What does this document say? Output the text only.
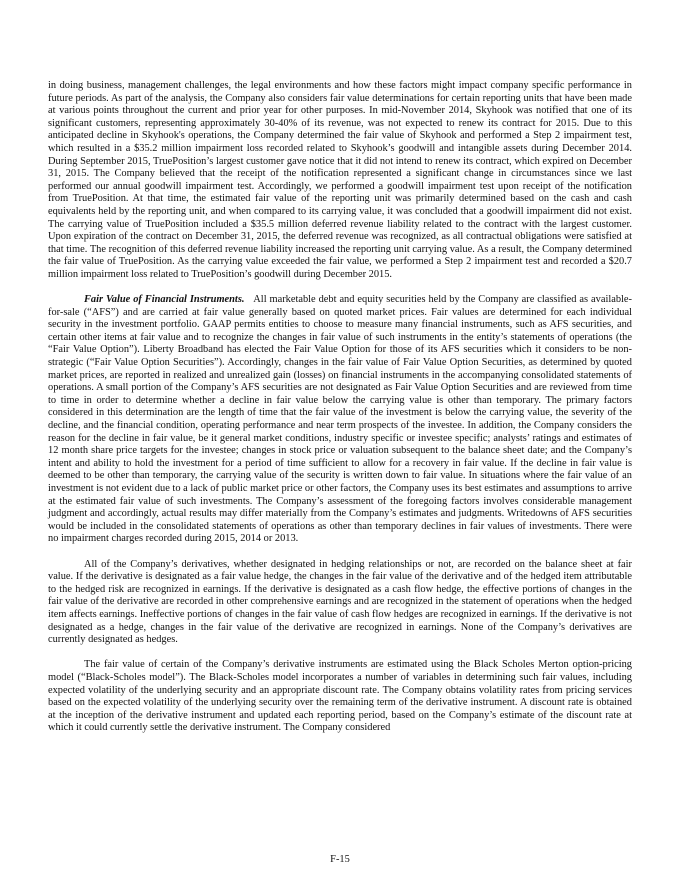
in doing business, management challenges, the legal environments and how these factors might impact company specific performance in future periods. As part of the analysis, the Company also considers fair value determinations for certain reporting units that have been made at various points throughout the current and prior year for other purposes. In mid-November 2014, Skyhook was notified that one of its significant customers, representing approximately 30-40% of its revenue, was not expected to renew its contract for 2015. Due to this anticipated decline in Skyhook's operations, the Company determined the fair value of Skyhook and performed a Step 2 impairment test, which resulted in a $35.2 million impairment loss recorded related to Skyhook’s goodwill and intangible assets during December 2014. During September 2015, TruePosition’s largest customer gave notice that it did not intend to renew its contract, which expired on December 31, 2015. The Company believed that the receipt of the notification represented a significant change in circumstances since we last performed our annual goodwill impairment test. Accordingly, we performed a goodwill impairment test upon receipt of the notification from TruePosition. At that time, the estimated fair value of the reporting unit was primarily determined based on the cash and cash equivalents held by the reporting unit, and when compared to its carrying value, it was concluded that a goodwill impairment did not exist. The carrying value of TruePosition included a $35.5 million deferred revenue liability related to the contract with the largest customer. Upon expiration of the contract on December 31, 2015, the deferred revenue was recognized, as all contractual obligations were satisfied at that time. The recognition of this deferred revenue liability increased the reporting unit carrying value. As a result, the Company determined the fair value of TruePosition. As the carrying value exceeded the fair value, we performed a Step 2 impairment test and recorded a $20.7 million impairment loss related to TruePosition’s goodwill during December 2015.

Fair Value of Financial Instruments. All marketable debt and equity securities held by the Company are classified as available-for-sale (“AFS”) and are carried at fair value generally based on quoted market prices. Fair values are determined for each individual security in the investment portfolio. GAAP permits entities to choose to measure many financial instruments, such as AFS securities, and certain other items at fair value and to recognize the changes in fair value of such instruments in the entity’s statements of operations (the “Fair Value Option”). Liberty Broadband has elected the Fair Value Option for those of its AFS securities which it considers to be non-strategic (“Fair Value Option Securities”). Accordingly, changes in the fair value of Fair Value Option Securities, as determined by quoted market prices, are reported in realized and unrealized gain (losses) on financial instruments in the accompanying consolidated statements of operations. A small portion of the Company’s AFS securities are not designated as Fair Value Option Securities and are reviewed from time to time in order to determine whether a decline in fair value below the carrying value is other than temporary. The primary factors considered in this determination are the length of time that the fair value of the investment is below the carrying value, the severity of the decline, and the financial condition, operating performance and near term prospects of the investee. In addition, the Company considers the reason for the decline in fair value, be it general market conditions, industry specific or investee specific; analysts’ ratings and estimates of 12 month share price targets for the investee; changes in stock price or valuation subsequent to the balance sheet date; and the Company’s intent and ability to hold the investment for a period of time sufficient to allow for a recovery in fair value. If the decline in fair value is deemed to be other than temporary, the carrying value of the security is written down to fair value. In situations where the fair value of an investment is not evident due to a lack of public market price or other factors, the Company uses its best estimates and assumptions to arrive at the estimated fair value of such investments. The Company’s assessment of the foregoing factors involves considerable management judgment and accordingly, actual results may differ materially from the Company’s estimates and judgments. Writedowns of AFS securities would be included in the consolidated statements of operations as other than temporary declines in fair values of investments. There were no impairment charges recorded during 2015, 2014 or 2013.

All of the Company’s derivatives, whether designated in hedging relationships or not, are recorded on the balance sheet at fair value. If the derivative is designated as a fair value hedge, the changes in the fair value of the derivative and of the hedged item attributable to the hedged risk are recognized in earnings. If the derivative is designated as a cash flow hedge, the effective portions of changes in the fair value of the derivative are recorded in other comprehensive earnings and are recognized in the statement of operations when the hedged item affects earnings. Ineffective portions of changes in the fair value of cash flow hedges are recognized in earnings. If the derivative is not designated as a hedge, changes in the fair value of the derivative are recognized in earnings. None of the Company’s derivatives are currently designated as hedges.

The fair value of certain of the Company’s derivative instruments are estimated using the Black Scholes Merton option-pricing model (“Black-Scholes model”). The Black-Scholes model incorporates a number of variables in determining such fair values, including expected volatility of the underlying security and an appropriate discount rate. The Company obtains volatility rates from pricing services based on the expected volatility of the underlying security over the remaining term of the derivative instrument. A discount rate is obtained at the inception of the derivative instrument and updated each reporting period, based on the Company’s estimate of the discount rate at which it could currently settle the derivative instrument. The Company considered

F-15
